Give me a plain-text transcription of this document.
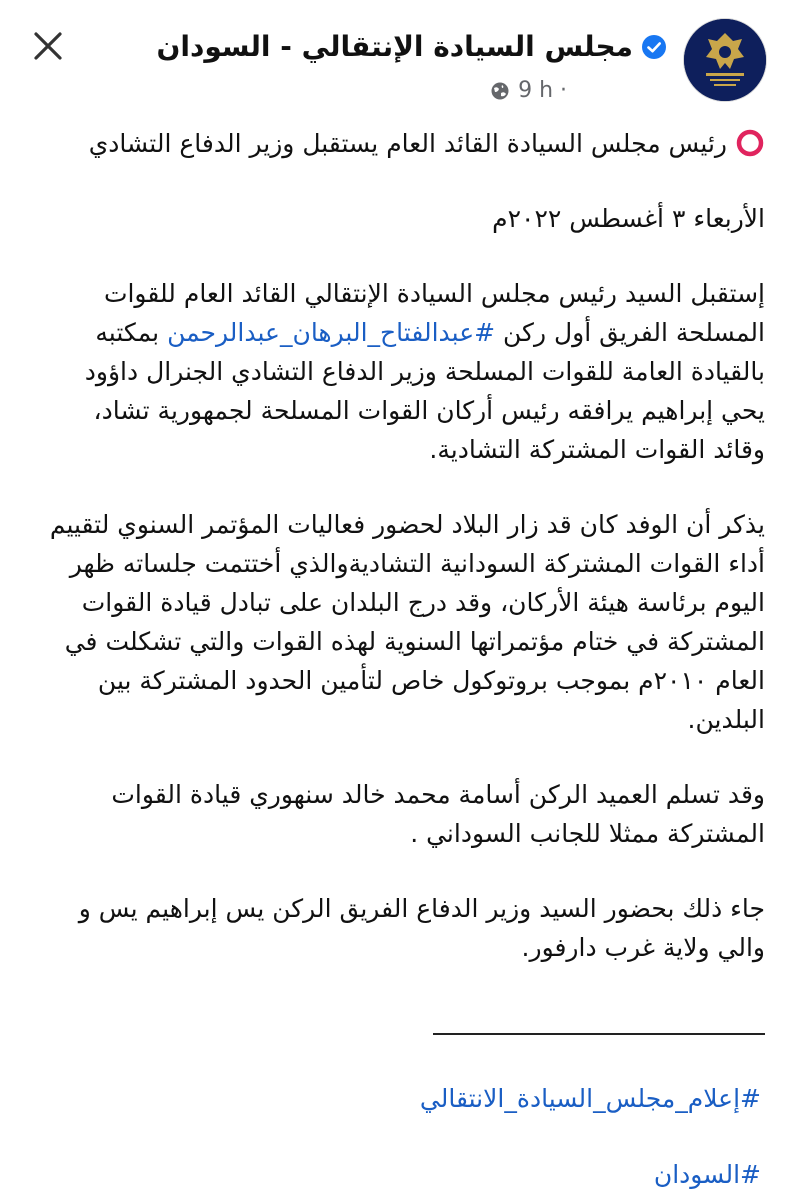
مجلس السيادة الإنتقالي - السودان
9 h ·

رئيس مجلس السيادة القائد العام يستقبل وزير الدفاع التشادي

الأربعاء ٣ أغسطس ٢٠٢٢م

إستقبل السيد رئيس مجلس السيادة الإنتقالي القائد العام للقوات المسلحة الفريق أول ركن #عبدالفتاح_البرهان_عبدالرحمن بمكتبه بالقيادة العامة للقوات المسلحة وزير الدفاع التشادي الجنرال داؤود يحي إبراهيم يرافقه رئيس أركان القوات المسلحة لجمهورية تشاد، وقائد القوات المشتركة التشادية.

يذكر أن الوفد كان قد زار البلاد لحضور فعاليات المؤتمر السنوي لتقييم أداء القوات المشتركة السودانية التشاديةوالذي أختتمت جلساته ظهر اليوم برئاسة هيئة الأركان، وقد درج البلدان على تبادل قيادة القوات المشتركة في ختام مؤتمراتها السنوية لهذه القوات والتي تشكلت في العام ٢٠١٠م بموجب بروتوكول خاص لتأمين الحدود المشتركة بين البلدين.

وقد تسلم العميد الركن أسامة محمد خالد سنهوري قيادة القوات المشتركة ممثلا للجانب السوداني .

جاء ذلك بحضور السيد وزير الدفاع الفريق الركن يس إبراهيم يس و والي ولاية غرب دارفور.

#إعلام_مجلس_السيادة_الانتقالي
#السودان
